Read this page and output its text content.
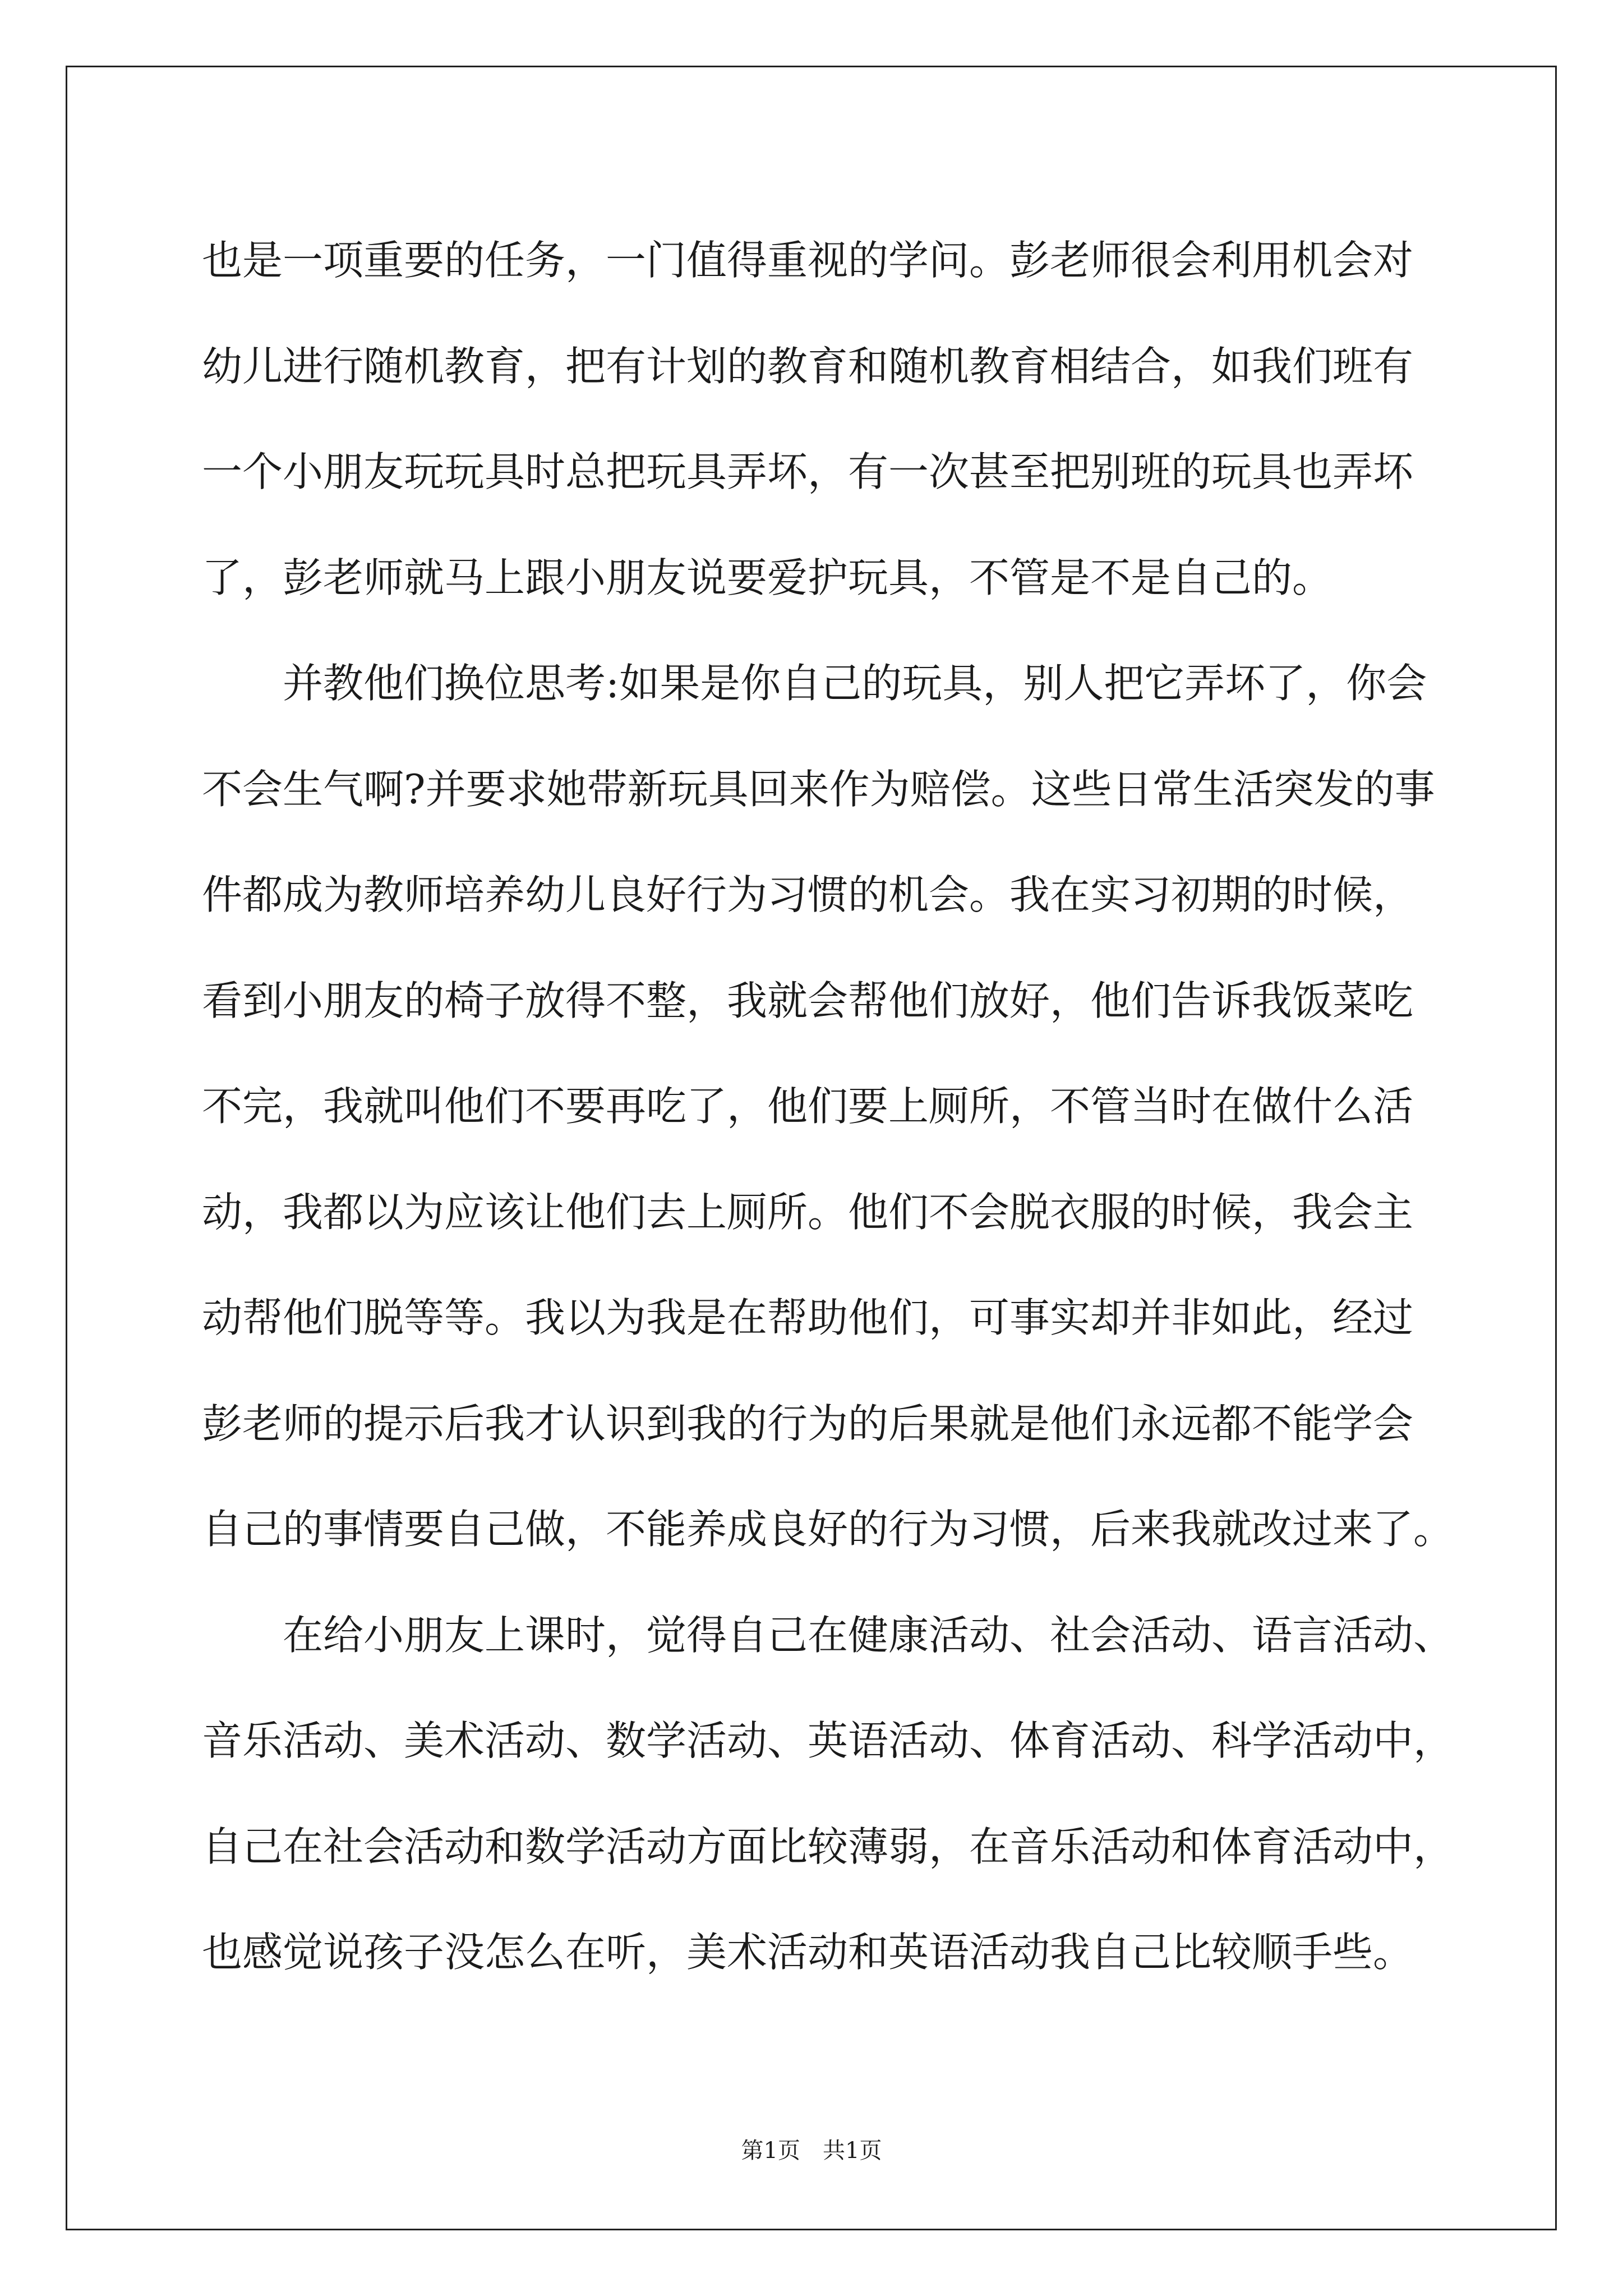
也是一项重要的任务，一门值得重视的学问。彭老师很会利用机会对
幼儿进行随机教育，把有计划的教育和随机教育相结合，如我们班有
一个小朋友玩玩具时总把玩具弄坏，有一次甚至把别班的玩具也弄坏
了，彭老师就马上跟小朋友说要爱护玩具，不管是不是自己的。

并教他们换位思考:如果是你自己的玩具，别人把它弄坏了，你会
不会生气啊?并要求她带新玩具回来作为赔偿。这些日常生活突发的事
件都成为教师培养幼儿良好行为习惯的机会。我在实习初期的时候，
看到小朋友的椅子放得不整，我就会帮他们放好，他们告诉我饭菜吃
不完，我就叫他们不要再吃了，他们要上厕所，不管当时在做什么活
动，我都以为应该让他们去上厕所。他们不会脱衣服的时候，我会主
动帮他们脱等等。我以为我是在帮助他们，可事实却并非如此，经过
彭老师的提示后我才认识到我的行为的后果就是他们永远都不能学会
自己的事情要自己做，不能养成良好的行为习惯，后来我就改过来了。

在给小朋友上课时，觉得自己在健康活动、社会活动、语言活动、
音乐活动、美术活动、数学活动、英语活动、体育活动、科学活动中，
自己在社会活动和数学活动方面比较薄弱，在音乐活动和体育活动中，
也感觉说孩子没怎么在听，美术活动和英语活动我自己比较顺手些。

第1页　共1页
